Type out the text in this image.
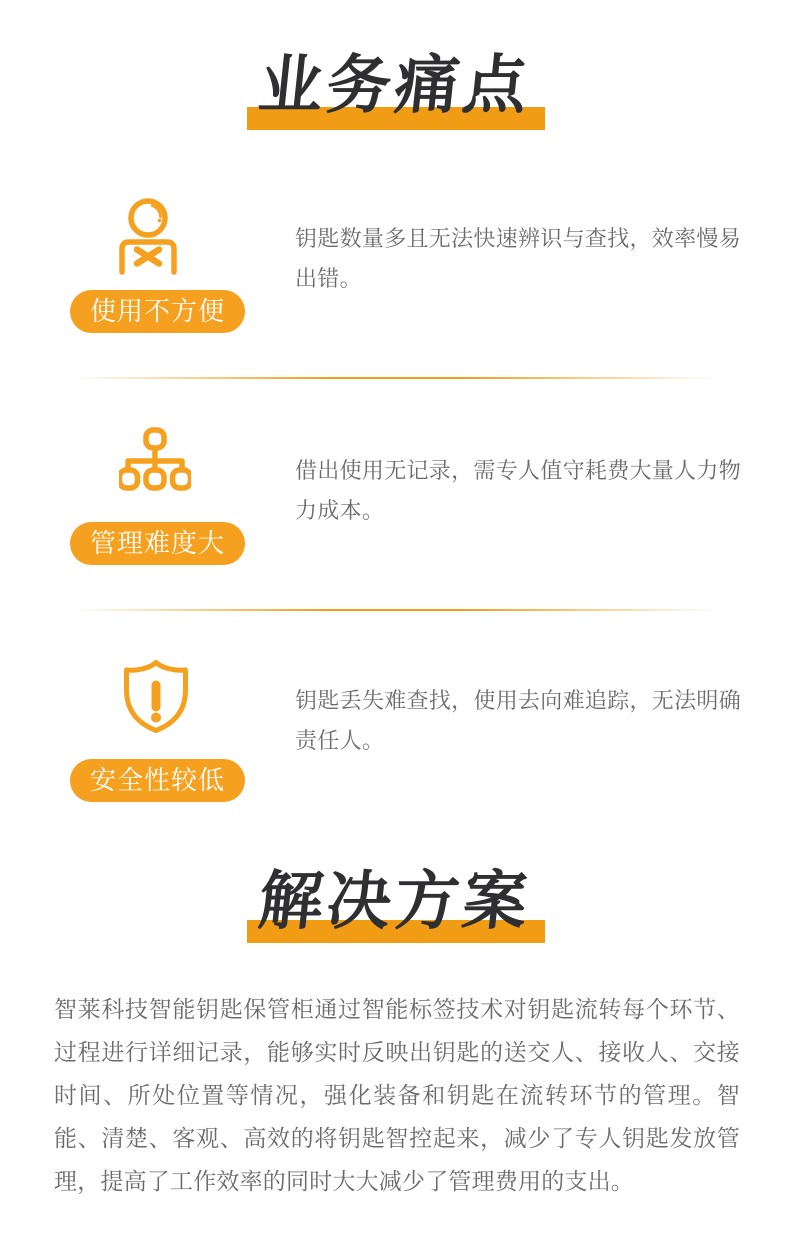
业务痛点
使用不方便
钥匙数量多且无法快速辨识与查找，效率慢易出错。
管理难度大
借出使用无记录，需专人值守耗费大量人力物力成本。
安全性较低
钥匙丢失难查找，使用去向难追踪，无法明确责任人。
解决方案
智莱科技智能钥匙保管柜通过智能标签技术对钥匙流转每个环节、过程进行详细记录，能够实时反映出钥匙的送交人、接收人、交接时间、所处位置等情况，强化装备和钥匙在流转环节的管理。智能、清楚、客观、高效的将钥匙智控起来，减少了专人钥匙发放管理，提高了工作效率的同时大大减少了管理费用的支出。
